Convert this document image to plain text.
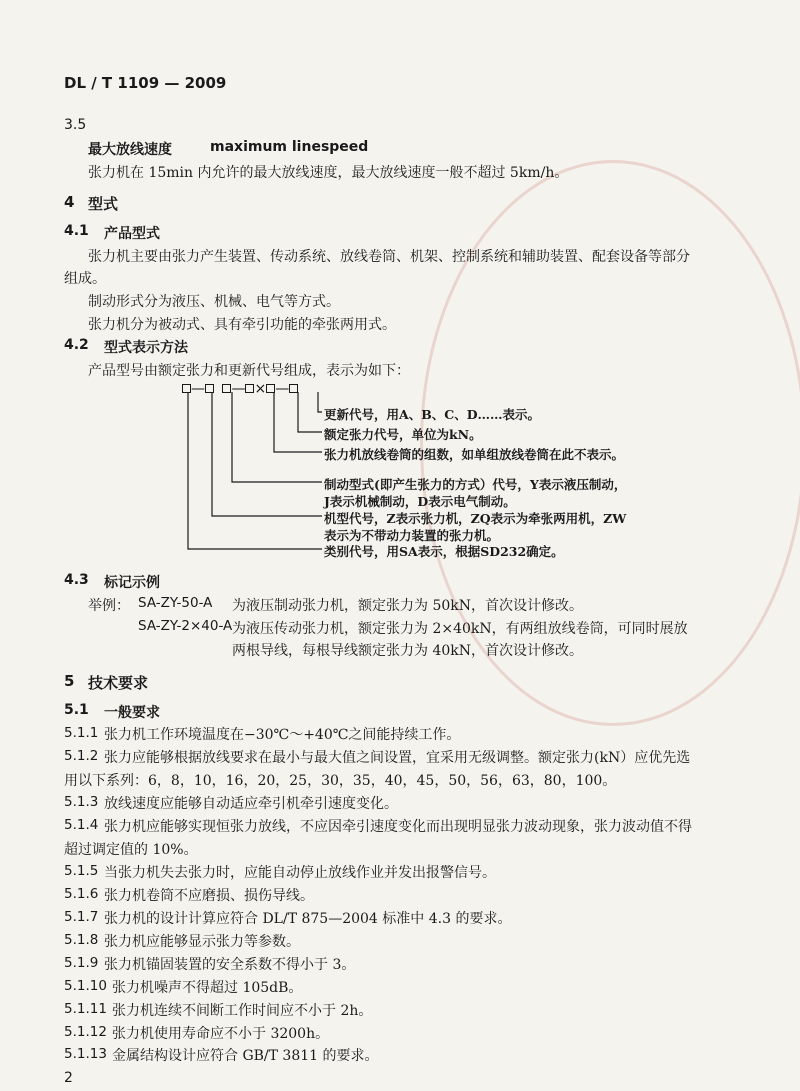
DL / T 1109 — 2009
3.5
最大放线速度	maximum linespeed
张力机在 15min 内允许的最大放线速度，最大放线速度一般不超过 5km/h。
4 型式
4.1 产品型式
张力机主要由张力产生装置、传动系统、放线卷筒、机架、控制系统和辅助装置、配套设备等部分
组成。
制动形式分为液压、机械、电气等方式。
张力机分为被动式、具有牵引功能的牵张两用式。
4.2 型式表示方法
产品型号由额定张力和更新代号组成，表示为如下：
— — × —
更新代号，用A、B、C、D……表示。
额定张力代号，单位为kN。
张力机放线卷筒的组数，如单组放线卷筒在此不表示。
制动型式(即产生张力的方式）代号，Y表示液压制动，
J表示机械制动，D表示电气制动。
机型代号，Z表示张力机，ZQ表示为牵张两用机，ZW
表示为不带动力装置的张力机。
类别代号，用SA表示，根据SD232确定。
4.3 标记示例
举例： SA-ZY-50-A 为液压制动张力机，额定张力为 50kN，首次设计修改。
SA-ZY-2×40-A 为液压传动张力机，额定张力为 2×40kN，有两组放线卷筒，可同时展放
两根导线，每根导线额定张力为 40kN，首次设计修改。
5 技术要求
5.1 一般要求
5.1.1 张力机工作环境温度在−30℃～+40℃之间能持续工作。
5.1.2 张力应能够根据放线要求在最小与最大值之间设置，宜采用无级调整。额定张力(kN）应优先选
用以下系列：6，8，10，16，20，25，30，35，40，45，50，56，63，80，100。
5.1.3 放线速度应能够自动适应牵引机牵引速度变化。
5.1.4 张力机应能够实现恒张力放线，不应因牵引速度变化而出现明显张力波动现象，张力波动值不得
超过调定值的 10%。
5.1.5 当张力机失去张力时，应能自动停止放线作业并发出报警信号。
5.1.6 张力机卷筒不应磨损、损伤导线。
5.1.7 张力机的设计计算应符合 DL/T 875—2004 标准中 4.3 的要求。
5.1.8 张力机应能够显示张力等参数。
5.1.9 张力机锚固装置的安全系数不得小于 3。
5.1.10 张力机噪声不得超过 105dB。
5.1.11 张力机连续不间断工作时间应不小于 2h。
5.1.12 张力机使用寿命应不小于 3200h。
5.1.13 金属结构设计应符合 GB/T 3811 的要求。
2
